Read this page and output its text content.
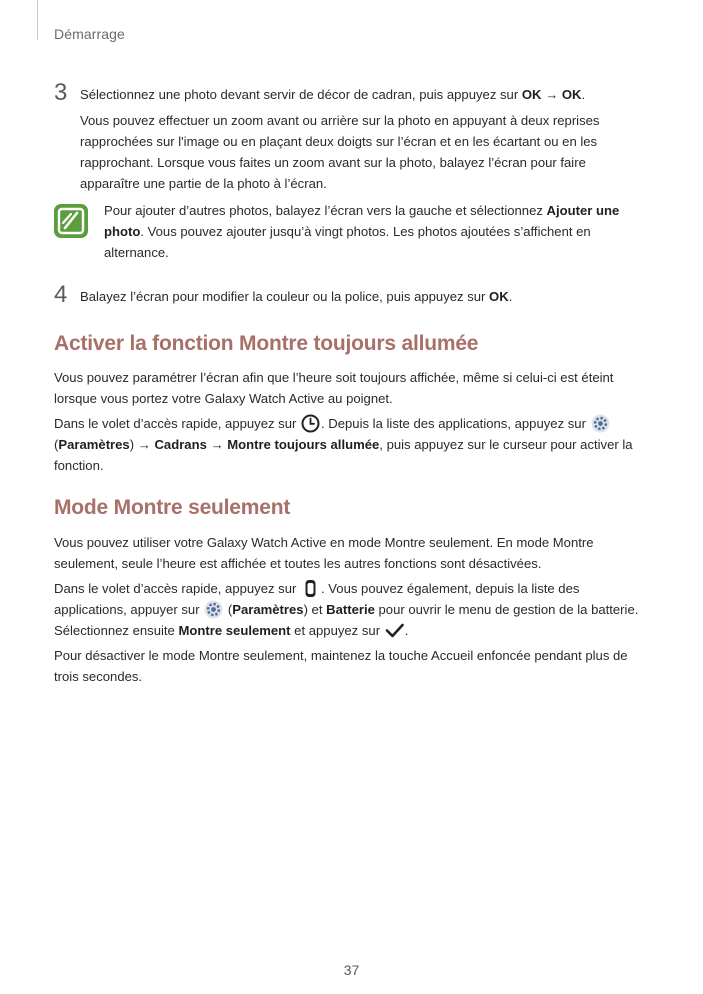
Démarrage
3 Sélectionnez une photo devant servir de décor de cadran, puis appuyez sur OK → OK.

Vous pouvez effectuer un zoom avant ou arrière sur la photo en appuyant à deux reprises rapprochées sur l'image ou en plaçant deux doigts sur l’écran et en les écartant ou en les rapprochant. Lorsque vous faites un zoom avant sur la photo, balayez l’écran pour faire apparaître une partie de la photo à l’écran.

Pour ajouter d’autres photos, balayez l’écran vers la gauche et sélectionnez Ajouter une photo. Vous pouvez ajouter jusqu’à vingt photos. Les photos ajoutées s’affichent en alternance.

4 Balayez l’écran pour modifier la couleur ou la police, puis appuyez sur OK.

Activer la fonction Montre toujours allumée

Vous pouvez paramétrer l’écran afin que l’heure soit toujours affichée, même si celui-ci est éteint lorsque vous portez votre Galaxy Watch Active au poignet.

Dans le volet d’accès rapide, appuyez sur . Depuis la liste des applications, appuyez sur  (Paramètres) → Cadrans → Montre toujours allumée, puis appuyez sur le curseur pour activer la fonction.

Mode Montre seulement

Vous pouvez utiliser votre Galaxy Watch Active en mode Montre seulement. En mode Montre seulement, seule l’heure est affichée et toutes les autres fonctions sont désactivées.

Dans le volet d’accès rapide, appuyez sur . Vous pouvez également, depuis la liste des applications, appuyer sur  (Paramètres) et Batterie pour ouvrir le menu de gestion de la batterie. Sélectionnez ensuite Montre seulement et appuyez sur .

Pour désactiver le mode Montre seulement, maintenez la touche Accueil enfoncée pendant plus de trois secondes.

37
